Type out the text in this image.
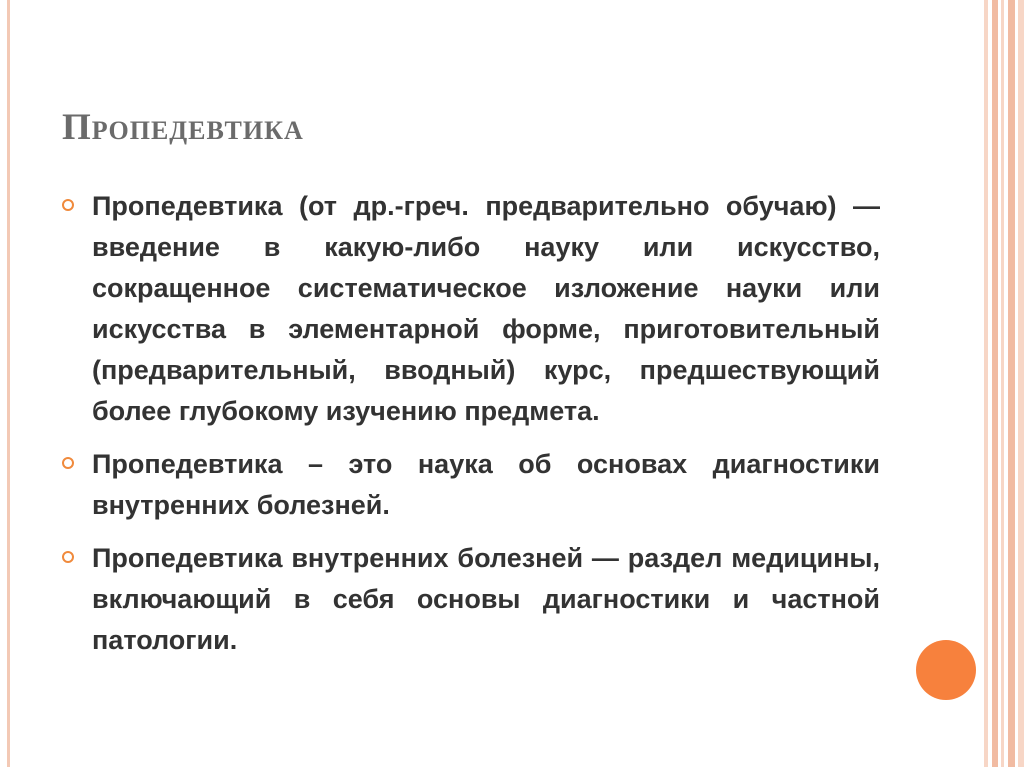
Пропедевтика
Пропедевтика (от др.-греч. предварительно обучаю) — введение в какую-либо науку или искусство, сокращенное систематическое изложение науки или искусства в элементарной форме, приготовительный (предварительный, вводный) курс, предшествующий более глубокому изучению предмета.
Пропедевтика – это наука об основах диагностики внутренних болезней.
Пропедевтика внутренних болезней — раздел медицины, включающий в себя основы диагностики и частной патологии.
